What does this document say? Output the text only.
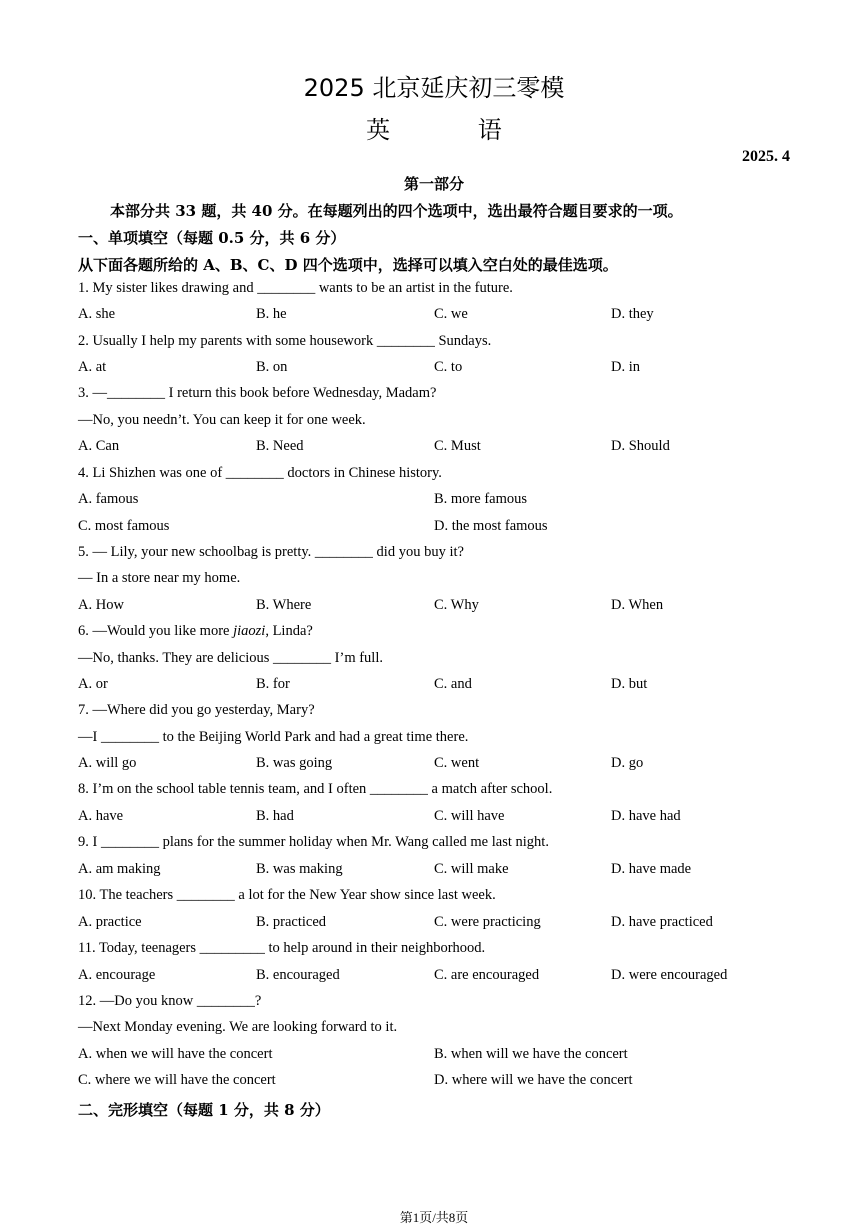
2025 北京延庆初三零模
英 语
2025. 4
第一部分
本部分共 33 题，共 40 分。在每题列出的四个选项中，选出最符合题目要求的一项。
一、单项填空（每题 0.5 分，共 6 分）
从下面各题所给的 A、B、C、D 四个选项中，选择可以填入空白处的最佳选项。
1. My sister likes drawing and ________ wants to be an artist in the future.
A. she	B. he	C. we	D. they
2. Usually I help my parents with some housework ________ Sundays.
A. at	B. on	C. to	D. in
3. —________ I return this book before Wednesday, Madam?
—No, you needn’t. You can keep it for one week.
A. Can	B. Need	C. Must	D. Should
4. Li Shizhen was one of ________ doctors in Chinese history.
A. famous	B. more famous
C. most famous	D. the most famous
5. — Lily, your new schoolbag is pretty. ________ did you buy it?
— In a store near my home.
A. How	B. Where	C. Why	D. When
6. —Would you like more jiaozi, Linda?
—No, thanks. They are delicious ________ I’m full.
A. or	B. for	C. and	D. but
7. —Where did you go yesterday, Mary?
—I ________ to the Beijing World Park and had a great time there.
A. will go	B. was going	C. went	D. go
8. I’m on the school table tennis team, and I often ________ a match after school.
A. have	B. had	C. will have	D. have had
9. I ________ plans for the summer holiday when Mr. Wang called me last night.
A. am making	B. was making	C. will make	D. have made
10. The teachers ________ a lot for the New Year show since last week.
A. practice	B. practiced	C. were practicing	D. have practiced
11. Today, teenagers _________ to help around in their neighborhood.
A. encourage	B. encouraged	C. are encouraged	D. were encouraged
12. —Do you know ________?
—Next Monday evening. We are looking forward to it.
A. when we will have the concert	B. when will we have the concert
C. where we will have the concert	D. where will we have the concert
二、完形填空（每题 1 分，共 8 分）
第1页/共8页
